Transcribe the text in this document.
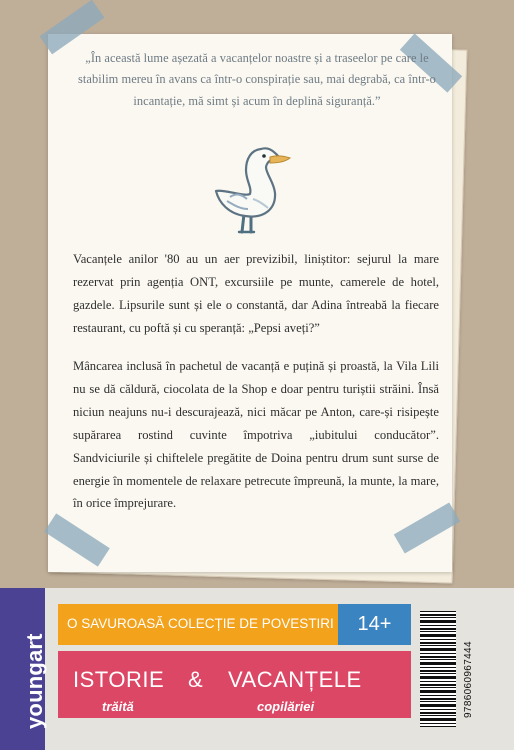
„În această lume așezată a vacanțelor noastre și a traseelor pe care le stabilim mereu în avans ca într-o conspirație sau, mai degrabă, ca într-o incantație, mă simt și acum în deplină siguranță.”
Vacanțele anilor '80 au un aer previzibil, liniștitor: sejurul la mare rezervat prin agenția ONT, excursiile pe munte, camerele de hotel, gazdele. Lipsurile sunt și ele o constantă, dar Adina întreabă la fiecare restaurant, cu poftă și cu speranță: „Pepsi aveți?”
Mâncarea inclusă în pachetul de vacanță e puțină și proastă, la Vila Lili nu se dă căldură, ciocolata de la Shop e doar pentru turiștii străini. Însă niciun neajuns nu-i descurajează, nici măcar pe Anton, care-și risipește supărarea rostind cuvinte împotriva „iubitului conducător”. Sandviciurile și chiftelele pregătite de Doina pentru drum sunt surse de energie în momentele de relaxare petrecute împreună, la munte, la mare, în orice împrejurare.
youngart
O SAVUROASĂ COLECȚIE DE POVESTIRI	14+
ISTORIE & VACANȚELE
trăită	copilăriei	9786060967444
